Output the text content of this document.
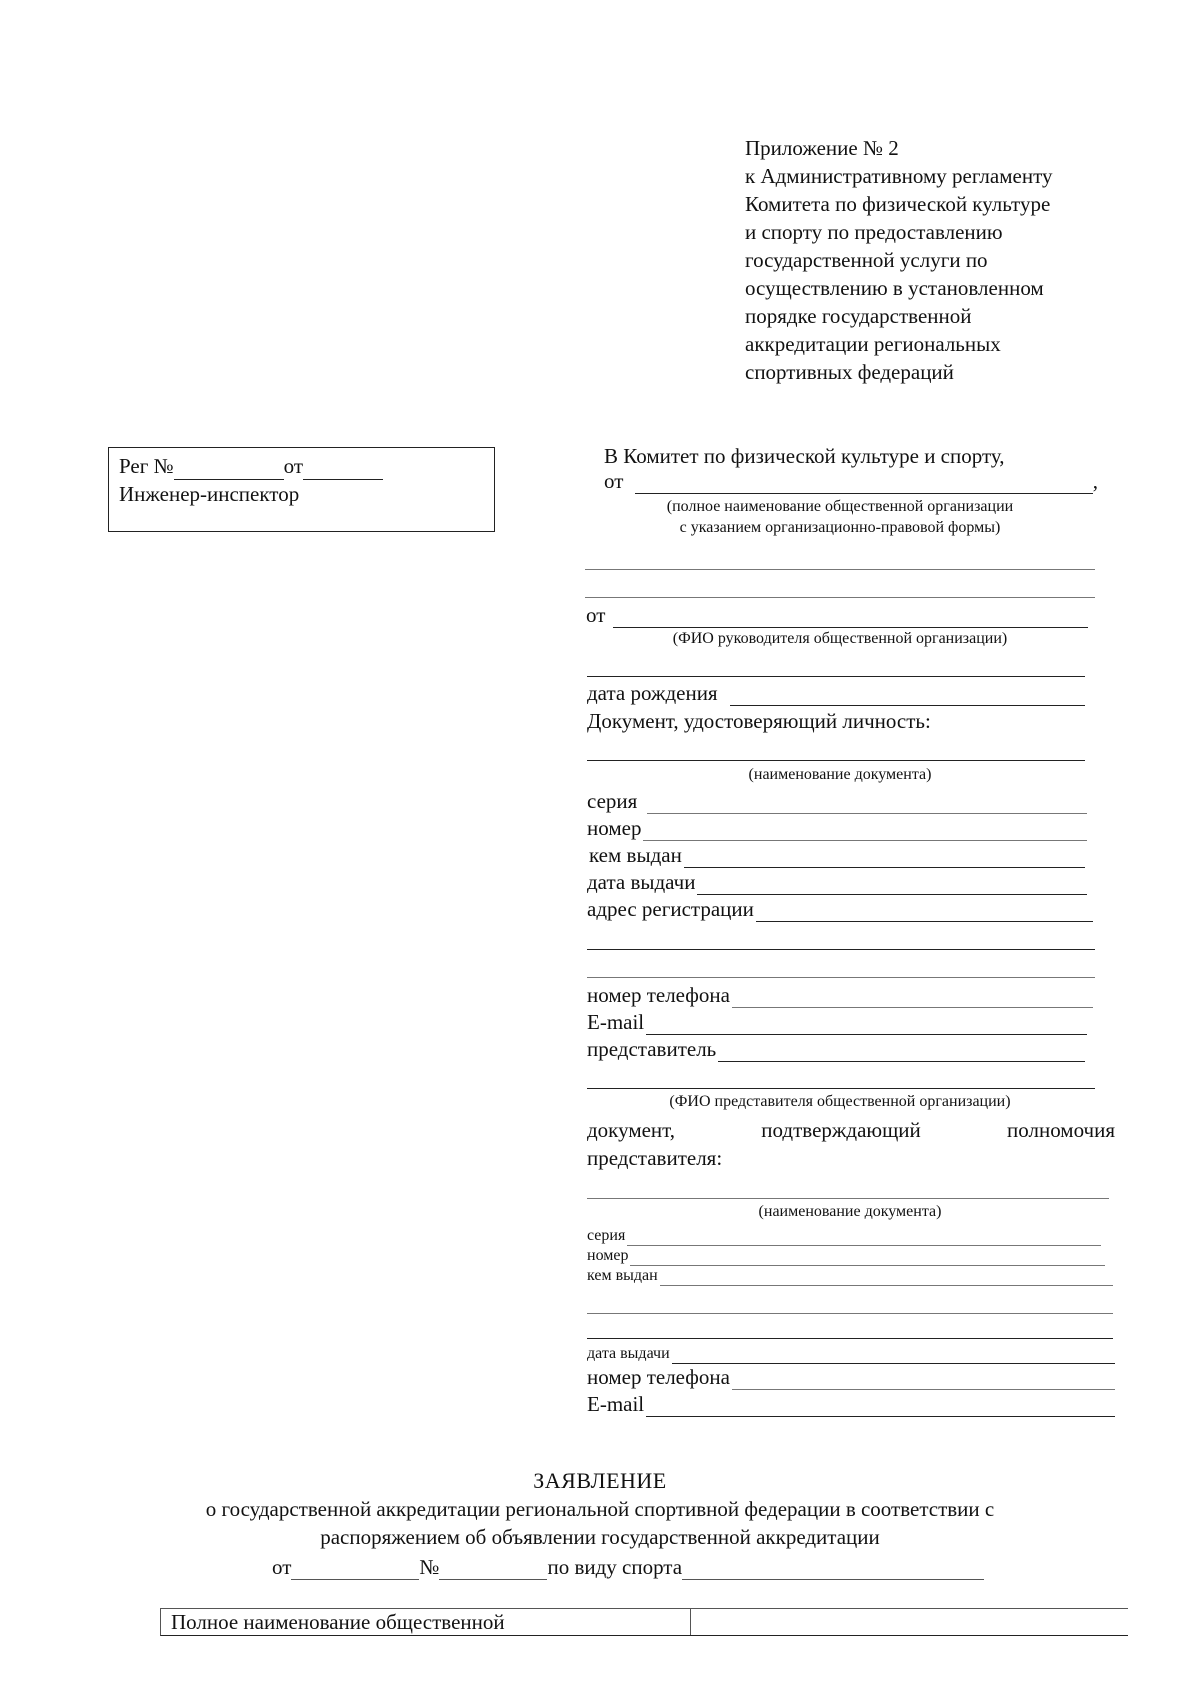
Приложение № 2
к Административному регламенту
Комитета по физической культуре
и спорту по предоставлению
государственной услуги по
осуществлению в установленном
порядке государственной
аккредитации региональных
спортивных федераций
Рег №	от
Инженер-инспектор
В Комитет по физической культуре и спорту,
от	,
(полное наименование общественной организации
с указанием организационно-правовой формы)
от
(ФИО руководителя общественной организации)
дата рождения
Документ, удостоверяющий личность:
(наименование документа)
серия
номер
кем выдан
дата выдачи
адрес регистрации
номер телефона
E-mail
представитель
(ФИО представителя общественной организации)
документ,	подтверждающий	полномочия
представителя:
(наименование документа)
серия
номер
кем выдан
дата выдачи
номер телефона
E-mail
ЗАЯВЛЕНИЕ
о государственной аккредитации региональной спортивной федерации в соответствии с
распоряжением об объявлении государственной аккредитации
от	№	по виду спорта
Полное наименование общественной
